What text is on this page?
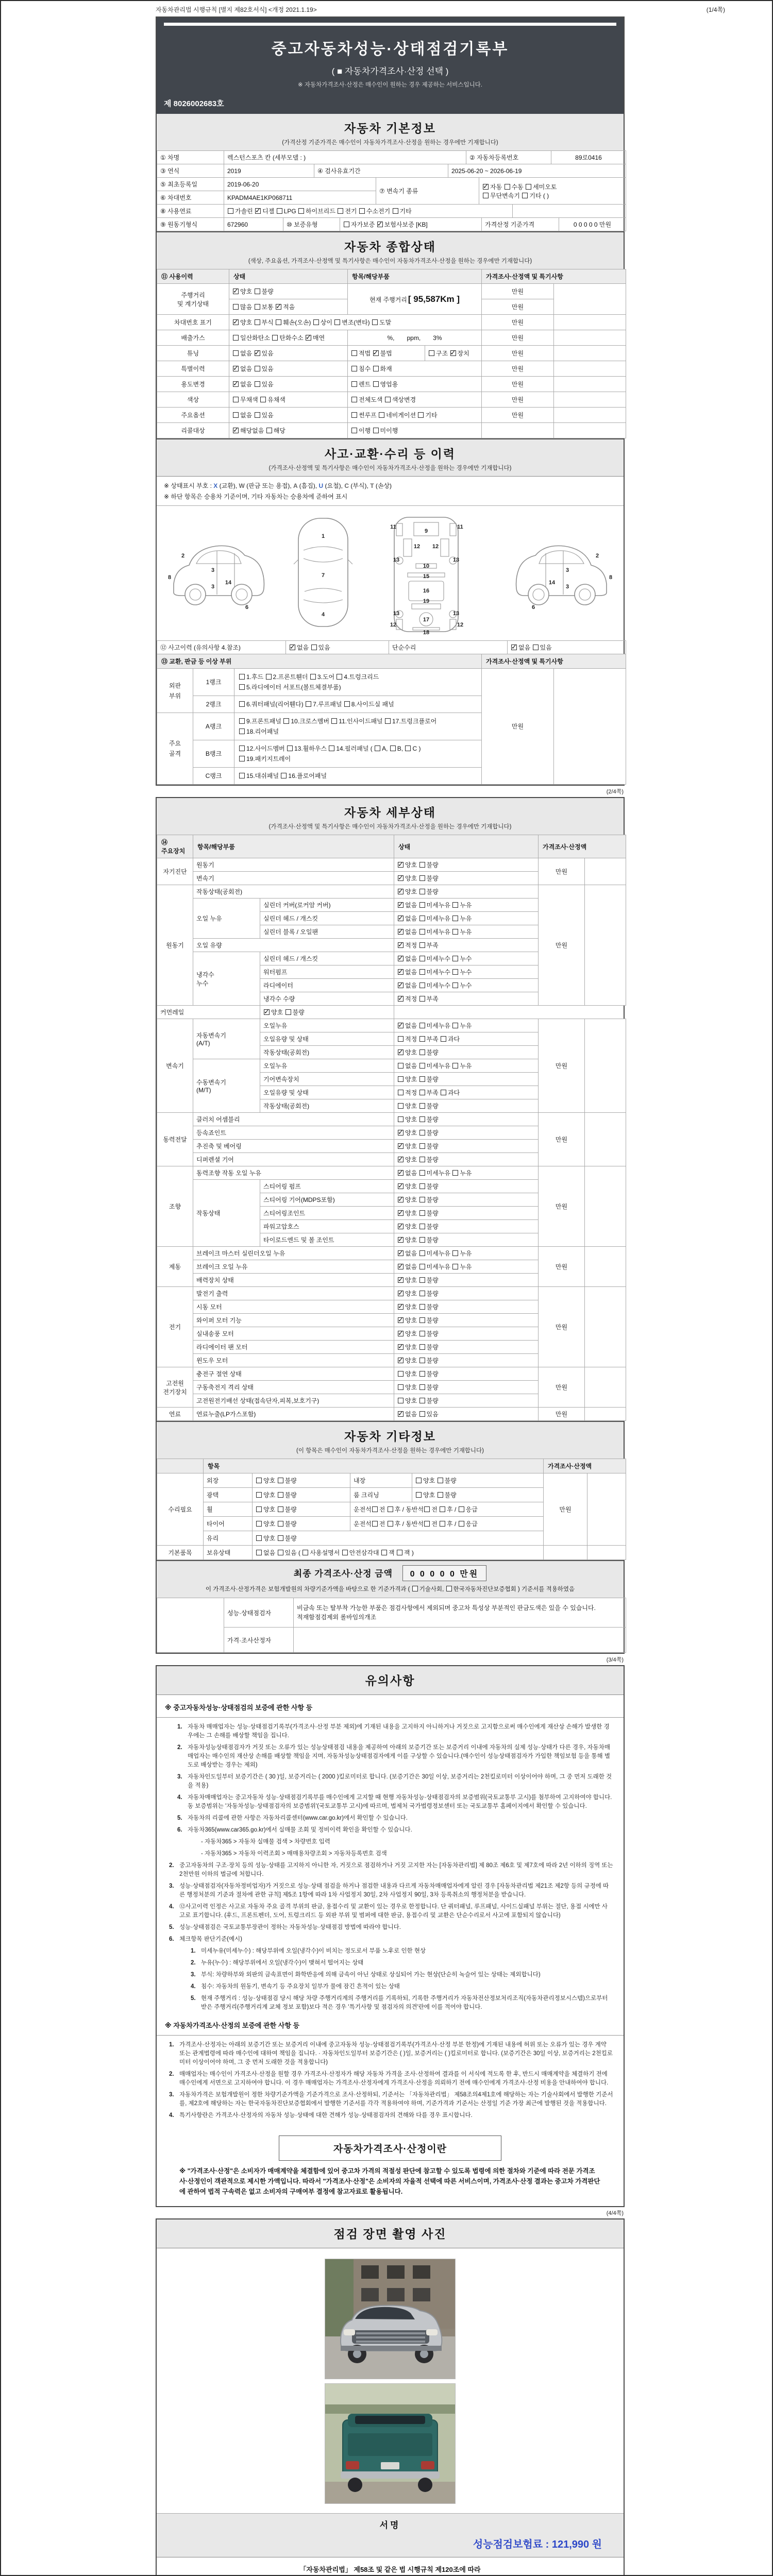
자동차관리법 시행규칙 [별지 제82호서식] <개정 2021.1.19>	(1/4쪽)
중고자동차성능·상태점검기록부
( ■ 자동차가격조사·산정 선택 )
※ 자동차가격조사·산정은 매수인이 원하는 경우 제공하는 서비스입니다.
제 8026002683호
자동차 기본정보
(가격산정 기준가격은 매수인이 자동차가격조사·산정을 원하는 경우에만 기재합니다)
① 차명	렉스턴스포츠 칸 (세부모델 : )	② 자동차등록번호	89로0416
③ 연식	2019	④ 검사유효기간	2025-06-20 ~ 2026-06-19
⑤ 최초등록일	2019-06-20	⑦ 변속기 종류	✓자동 수동 세미오토
무단변속기 기타 ( )
⑥ 차대번호	KPADM4AE1KP068711		
⑧ 사용연료	가솔린 ✓디젤 LPG 하이브리드 전기 수소전기 기타	
⑨ 원동기형식	672960	⑩ 보증유형	자가보증 ✓보험사보증 [KB]	가격산정 기준가격	0 0 0 0 0 만원
자동차 종합상태
(색상, 주요옵션, 가격조사·산정액 및 특기사항은 매수인이 자동차가격조사·산정을 원하는 경우에만 기재합니다)
⑪ 사용이력	상태	항목/해당부품		가격조사·산정액 및 특기사항	
주행거리
및 계기상태	✓양호 불량	현재 주행거리 [ 95,587Km ]		만원	
	많음 보통 ✓적음			만원	
차대번호 표기	✓양호 부식 훼손(오손) 상이 변조(변타) 도말			만원	
배출가스	일산화탄소 탄화수소 ✓매연	%,　　ppm,　　3%		만원	
튜닝	없음 ✓있음	적법 ✓불법	구조 ✓장치	만원	
특별이력	✓없음 있음	침수 화재		만원	
용도변경	✓없음 있음	렌트 영업용		만원	
색상	무채색 유채색	전체도색 색상변경		만원	
주요옵션	없음 있음	썬루프 네비게이션 기타		만원	
리콜대상	✓해당없음 해당	이행 미이행			
사고·교환·수리 등 이력
(가격조사·산정액 및 특기사항은 매수인이 자동차가격조사·산정을 원하는 경우에만 기재합니다)
※ 상태표시 부호 : X (교환), W (판금 또는 용접), A (흠집), U (요철), C (부식), T (손상)
※ 하단 항목은 승용차 기준이며, 기타 자동차는 승용차에 준하여 표시
2
8
3
14
3
6
1
7
4
11	11
9
12 12
13	13
10
15
16
19
13	13
12	12
17
18
2
8
3
14
3
6
⑫ 사고이력 (유의사항 4.참조)	✓없음 있음	단순수리	✓없음 있음
⑬ 교환, 판금 등 이상 부위			가격조사·산정액 및 특기사항	
외판
부위	1랭크	1.후드 2.프론트휀더 3.도어 4.트렁크리드
5.라디에이터 서포트(볼트체결부품)	만원	
	2랭크	6.쿼터패널(리어휀다) 7.루프패널 8.사이드실 패널		
주요
골격	A랭크	9.프론트패널 10.크로스멤버 11.인사이드패널 17.트렁크플로어
18.리어패널		
	B랭크	12.사이드멤버 13.휠하우스 14.필러패널 ( A, B, C )
19.패키지트레이		
	C랭크	15.대쉬패널 16.플로어패널		
(2/4쪽)
자동차 세부상태
(가격조사·산정액 및 특기사항은 매수인이 자동차가격조사·산정을 원하는 경우에만 기재합니다)
⑭ 주요장치	항목/해당부품		상태	가격조사·산정액	
자기진단	원동기	✓양호 불량	만원	
	변속기	✓양호 불량
원동기	작동상태(공회전)	✓양호 불량	만원	
	오일 누유	실린더 커버(로커암 커버)	✓없음 미세누유 누유
		실린더 헤드 / 개스킷	✓없음 미세누유 누유
		실린더 블록 / 오일팬	✓없음 미세누유 누유
	오일 유량	✓적정 부족
	냉각수
누수	실린더 헤드 / 개스킷	✓없음 미세누수 누수
		워터펌프	✓없음 미세누수 누수
		라디에이터	✓없음 미세누수 누수
		냉각수 수량	✓적정 부족
커먼레일	✓양호 불량
변속기	자동변속기
(A/T)	오일누유	✓없음 미세누유 누유	만원	
		오일유량 및 상태	적정 부족 과다		
		작동상태(공회전)	✓양호 불량
	수동변속기
(M/T)	오일누유	없음 미세누유 누유		
		기어변속장치	양호 불량		
		오일유량 및 상태	적정 부족 과다		
		작동상태(공회전)	양호 불량		
동력전달	클러치 어셈블리		양호 불량	만원	
	등속죠인트	✓양호 불량
	추진축 및 베어링	✓양호 불량
	디퍼렌셜 기어	✓양호 불량
조향	동력조향 작동 오일 누유	✓없음 미세누유 누유	만원	
	작동상태	스티어링 펌프	✓양호 불량
		스티어링 기어(MDPS포함)	✓양호 불량
		스티어링조인트	✓양호 불량
		파워고압호스	✓양호 불량
		타이로드엔드 및 볼 조인트	✓양호 불량
제동	브레이크 마스터 실린더오일 누유	✓없음 미세누유 누유	만원	
	브레이크 오일 누유	✓없음 미세누유 누유
	배력장치 상태	✓양호 불량
전기	발전기 출력	✓양호 불량	만원	
	시동 모터	✓양호 불량
	와이퍼 모터 기능	✓양호 불량
	실내송풍 모터	✓양호 불량
	라디에이터 팬 모터	✓양호 불량
	윈도우 모터	✓양호 불량
고전원
전기장치	충전구 절연 상태		양호 불량	만원	
	구동축전지 격리 상태		양호 불량		
	고전원전기배선 상태(접속단자,피복,보호기구)		양호 불량		
연료	연료누출(LP가스포함)	✓없음 있음	만원	
자동차 기타정보
(이 항목은 매수인이 자동차가격조사·산정을 원하는 경우에만 기재합니다)
	항목				가격조사·산정액	
수리필요	외장	양호 불량	내장	양호 불량	만원	
	광택	양호 불량	룸 크리닝	양호 불량		
	휠	양호 불량	운전석 전 후 / 동반석 전 후 / 응급			
	타이어	양호 불량	운전석 전 후 / 동반석 전 후 / 응급			
	유리	양호 불량				
기본품목	보유상태	없음 있음 ( 사용설명서 안전삼각대 잭 잭 )				
최종 가격조사·산정 금액 0 0 0 0 0 만원
이 가격조사·산정가격은 보험개발원의 차량기준가액을 바탕으로 한 기준가격과 ( 기술사회, 한국자동차진단보증협회 ) 기준서를 적용하였음
	성능·상태점검자	비금속 또는 탈부착 가능한 부품은 점검사항에서 제외되며 중고차 특성상 부분적인 판금도색은 있을 수 있습니다. 적재함점검제외 롤바임의개조
	가격·조사산정자	
(3/4쪽)
유의사항
※ 중고자동차성능·상태점검의 보증에 관한 사항 등
1. 자동차 매매업자는 성능·상태점검기록부(가격조사·산정 부분 제외)에 기재된 내용을 고지하지 아니하거나 거짓으로 고지함으로써 매수인에게 재산상 손해가 발생한 경우에는 그 손해를 배상할 책임을 집니다.
2. 자동차성능상태점검자가 거짓 또는 오류가 있는 성능상태점검 내용을 제공하여 아래의 보증기간 또는 보증거리 이내에 자동차의 실제 성능·상태가 다른 경우, 자동차매매업자는 매수인의 재산상 손해를 배상할 책임을 지며, 자동차성능상태점검자에게 이를 구상할 수 있습니다.(매수인이 성능상태점검자가 가입한 책임보험 등을 통해 별도로 배상받는 경우는 제외)
3. 자동차인도일부터 보증기간은 ( 30 )일, 보증거리는 ( 2000 )킬로미터로 합니다. (보증기간은 30일 이상, 보증거리는 2천킬로미터 이상이어야 하며, 그 중 먼저 도래한 것을 적용)
4. 자동차매매업자는 중고자동차 성능·상태점검기록부를 매수인에게 고지할 때 현행 자동차성능·상태점검자의 보증범위(국토교통부 고시)를 첨부하여 고지하여야 합니다. 동 보증범위는 '자동차성능·상태점검자의 보증범위'(국토교통부 고시)에 따르며, 법제처 국가법령정보센터 또는 국토교통부 홈페이지에서 확인할 수 있습니다.
5. 자동차의 리콜에 관한 사항은 자동차리콜센터(www.car.go.kr)에서 확인할 수 있습니다.
6. 자동차365(www.car365.go.kr)에서 실매물 조회 및 정비이력 확인을 확인할 수 있습니다.
- 자동차365 > 자동차 실매물 검색 > 차량번호 입력
- 자동차365 > 자동차 이력조회 > 매매용차량조회 > 자동차등록번호 검색
2. 중고자동차의 구조·장치 등의 성능·상태를 고지하지 아니한 자, 거짓으로 점검하거나 거짓 고지한 자는 [자동차관리법] 제 80조 제6호 및 제7호에 따라 2년 이하의 징역 또는 2천만원 이하의 벌금에 처합니다.
3. 성능·상태점검자(자동차정비업자)가 거짓으로 성능·상태 점검을 하거나 점검한 내용과 다르게 자동차매매업자에게 알린 경우 [자동차관리법 제21조 제2항 등의 규정에 따른 행정처분의 기준과 절차에 관한 규칙] 제5조 1항에 따라 1차 사업정지 30일, 2차 사업정지 90일, 3차 등록취소의 행정처분을 받습니다.
4. ⑫사고이력 인정은 사고로 자동차 주요 골격 부위의 판금, 용접수리 및 교환이 있는 경우로 한정합니다. 단 쿼터패널, 루프패널, 사이드실패널 부위는 절단, 용접 시에만 사고로 표기합니다. (후드, 프론트펜더, 도어, 트렁크리드 등 외판 부위 및 범퍼에 대한 판금, 용접수리 및 교환은 단순수리로서 사고에 포함되지 않습니다)
5. 성능·상태점검은 국토교통부장관이 정하는 자동차성능·상태점검 방법에 따라야 합니다.
6. 체크항목 판단기준(예시)
1. 미세누유(미세누수) : 해당부위에 오일(냉각수)이 비치는 정도로서 부품 노후로 인한 현상
2. 누유(누수) : 해당부위에서 오일(냉각수)이 맺혀서 떨어지는 상태
3. 부식: 차량하부와 외판의 금속표면이 화학반응에 의해 금속이 아닌 상태로 상실되어 가는 현상(단순히 녹슬어 있는 상태는 제외합니다)
4. 침수: 자동차의 원동기, 변속기 등 주요장치 일부가 물에 잠긴 흔적이 있는 상태
5. 현재 주행거리 : 성능·상태점검 당시 해당 차량 주행거리계의 주행거리를 기록하되, 기록한 주행거리가 자동차전산정보처리조직(자동차관리정보시스템)으로부터 받은 주행거리(주행거리계 교체 정보 포함)보다 적은 경우 '특기사항 및 점검자의 의견'란에 이를 적어야 합니다.
※ 자동차가격조사·산정의 보증에 관한 사항 등
1. 가격조사·산정자는 아래의 보증기간 또는 보증거리 이내에 중고자동차 성능·상태점검기록부(가격조사·산정 부분 한정)에 기재된 내용에 허위 또는 오류가 있는 경우 계약 또는 관계법령에 따라 매수인에 대하여 책임을 집니다. · 자동차인도일부터 보증기간은 ( )일, 보증거리는 ( )킬로미터로 합니다. (보증기간은 30일 이상, 보증거리는 2천킬로미터 이상이어야 하며, 그 중 먼저 도래한 것을 적용합니다)
2. 매매업자는 매수인이 가격조사·산정을 원할 경우 가격조사·산정자가 해당 자동차 가격을 조사·산정하여 결과를 이 서식에 적도록 한 후, 반드시 매매계약을 체결하기 전에 매수인에게 서면으로 고지하여야 합니다. 이 경우 매매업자는 가격조사·산정자에게 가격조사·산정을 의뢰하기 전에 매수인에게 가격조사·산정 비용을 안내하여야 합니다.
3. 자동차가격은 보험개발원이 정한 차량기준가액을 기준가격으로 조사·산정하되, 기준서는 「자동차관리법」 제58조의4제1호에 해당하는 자는 기술사회에서 발행한 기준서를, 제2호에 해당하는 자는 한국자동차진단보증협회에서 발행한 기준서를 각각 적용하여야 하며, 기준가격과 기준서는 산정일 기준 가장 최근에 발행된 것을 적용합니다.
4. 특기사항란은 가격조사·산정자의 자동차 성능·상태에 대한 견해가 성능·상태점검자의 견해와 다를 경우 표시합니다.
자동차가격조사·산정이란
※ "가격조사·산정"은 소비자가 매매계약을 체결함에 있어 중고차 가격의 적절성 판단에 참고할 수 있도록 법령에 의한 절차와 기준에 따라 전문 가격조사·산정인이 객관적으로 제시한 가액입니다. 따라서 "가격조사·산정"은 소비자의 자율적 선택에 따른 서비스이며, 가격조사·산정 결과는 중고차 가격판단에 관하여 법적 구속력은 없고 소비자의 구매여부 결정에 참고자료로 활용됩니다.
(4/4쪽)
점검 장면 촬영 사진
서명
성능점검보험료 : 121,990 원
「자동차관리법」 제58조 및 같은 법 시행규칙 제120조에 따라
